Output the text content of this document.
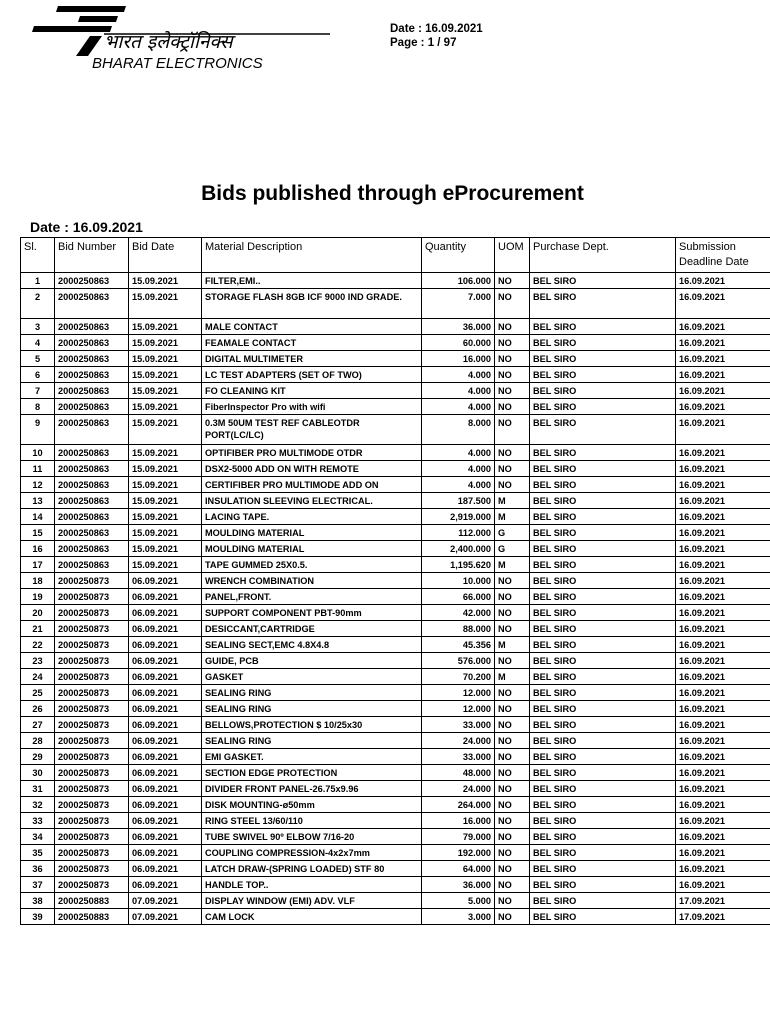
भारत इलेक्ट्रॉनिक्स
BHARAT ELECTRONICS
Date : 16.09.2021
Page : 1 / 97
Bids published through eProcurement
Date : 16.09.2021
Sl.	Bid Number	Bid Date	Material Description	Quantity	UOM	Purchase Dept.	Submission Deadline Date
1	2000250863	15.09.2021	FILTER,EMI..	106.000	NO	BEL SIRO	16.09.2021
2	2000250863	15.09.2021	STORAGE FLASH 8GB ICF 9000 IND GRADE.	7.000	NO	BEL SIRO	16.09.2021
3	2000250863	15.09.2021	MALE CONTACT	36.000	NO	BEL SIRO	16.09.2021
4	2000250863	15.09.2021	FEAMALE CONTACT	60.000	NO	BEL SIRO	16.09.2021
5	2000250863	15.09.2021	DIGITAL MULTIMETER	16.000	NO	BEL SIRO	16.09.2021
6	2000250863	15.09.2021	LC TEST ADAPTERS (SET OF TWO)	4.000	NO	BEL SIRO	16.09.2021
7	2000250863	15.09.2021	FO CLEANING KIT	4.000	NO	BEL SIRO	16.09.2021
8	2000250863	15.09.2021	FiberInspector Pro with wifi	4.000	NO	BEL SIRO	16.09.2021
9	2000250863	15.09.2021	0.3M 50UM TEST REF CABLEOTDR PORT(LC/LC)	8.000	NO	BEL SIRO	16.09.2021
10	2000250863	15.09.2021	OPTIFIBER PRO MULTIMODE OTDR	4.000	NO	BEL SIRO	16.09.2021
11	2000250863	15.09.2021	DSX2-5000 ADD ON WITH REMOTE	4.000	NO	BEL SIRO	16.09.2021
12	2000250863	15.09.2021	CERTIFIBER PRO MULTIMODE ADD ON	4.000	NO	BEL SIRO	16.09.2021
13	2000250863	15.09.2021	INSULATION SLEEVING ELECTRICAL.	187.500	M	BEL SIRO	16.09.2021
14	2000250863	15.09.2021	LACING TAPE.	2,919.000	M	BEL SIRO	16.09.2021
15	2000250863	15.09.2021	MOULDING MATERIAL	112.000	G	BEL SIRO	16.09.2021
16	2000250863	15.09.2021	MOULDING MATERIAL	2,400.000	G	BEL SIRO	16.09.2021
17	2000250863	15.09.2021	TAPE GUMMED 25X0.5.	1,195.620	M	BEL SIRO	16.09.2021
18	2000250873	06.09.2021	WRENCH COMBINATION	10.000	NO	BEL SIRO	16.09.2021
19	2000250873	06.09.2021	PANEL,FRONT.	66.000	NO	BEL SIRO	16.09.2021
20	2000250873	06.09.2021	SUPPORT COMPONENT PBT-90mm	42.000	NO	BEL SIRO	16.09.2021
21	2000250873	06.09.2021	DESICCANT,CARTRIDGE	88.000	NO	BEL SIRO	16.09.2021
22	2000250873	06.09.2021	SEALING SECT,EMC 4.8X4.8	45.356	M	BEL SIRO	16.09.2021
23	2000250873	06.09.2021	GUIDE, PCB	576.000	NO	BEL SIRO	16.09.2021
24	2000250873	06.09.2021	GASKET	70.200	M	BEL SIRO	16.09.2021
25	2000250873	06.09.2021	SEALING RING	12.000	NO	BEL SIRO	16.09.2021
26	2000250873	06.09.2021	SEALING RING	12.000	NO	BEL SIRO	16.09.2021
27	2000250873	06.09.2021	BELLOWS,PROTECTION $ 10/25x30	33.000	NO	BEL SIRO	16.09.2021
28	2000250873	06.09.2021	SEALING RING	24.000	NO	BEL SIRO	16.09.2021
29	2000250873	06.09.2021	EMI GASKET.	33.000	NO	BEL SIRO	16.09.2021
30	2000250873	06.09.2021	SECTION EDGE PROTECTION	48.000	NO	BEL SIRO	16.09.2021
31	2000250873	06.09.2021	DIVIDER FRONT PANEL-26.75x9.96	24.000	NO	BEL SIRO	16.09.2021
32	2000250873	06.09.2021	DISK MOUNTING-ø50mm	264.000	NO	BEL SIRO	16.09.2021
33	2000250873	06.09.2021	RING STEEL 13/60/110	16.000	NO	BEL SIRO	16.09.2021
34	2000250873	06.09.2021	TUBE SWIVEL 90º ELBOW 7/16-20	79.000	NO	BEL SIRO	16.09.2021
35	2000250873	06.09.2021	COUPLING COMPRESSION-4x2x7mm	192.000	NO	BEL SIRO	16.09.2021
36	2000250873	06.09.2021	LATCH DRAW-(SPRING LOADED) STF 80	64.000	NO	BEL SIRO	16.09.2021
37	2000250873	06.09.2021	HANDLE TOP..	36.000	NO	BEL SIRO	16.09.2021
38	2000250883	07.09.2021	DISPLAY WINDOW (EMI) ADV. VLF	5.000	NO	BEL SIRO	17.09.2021
39	2000250883	07.09.2021	CAM LOCK	3.000	NO	BEL SIRO	17.09.2021
